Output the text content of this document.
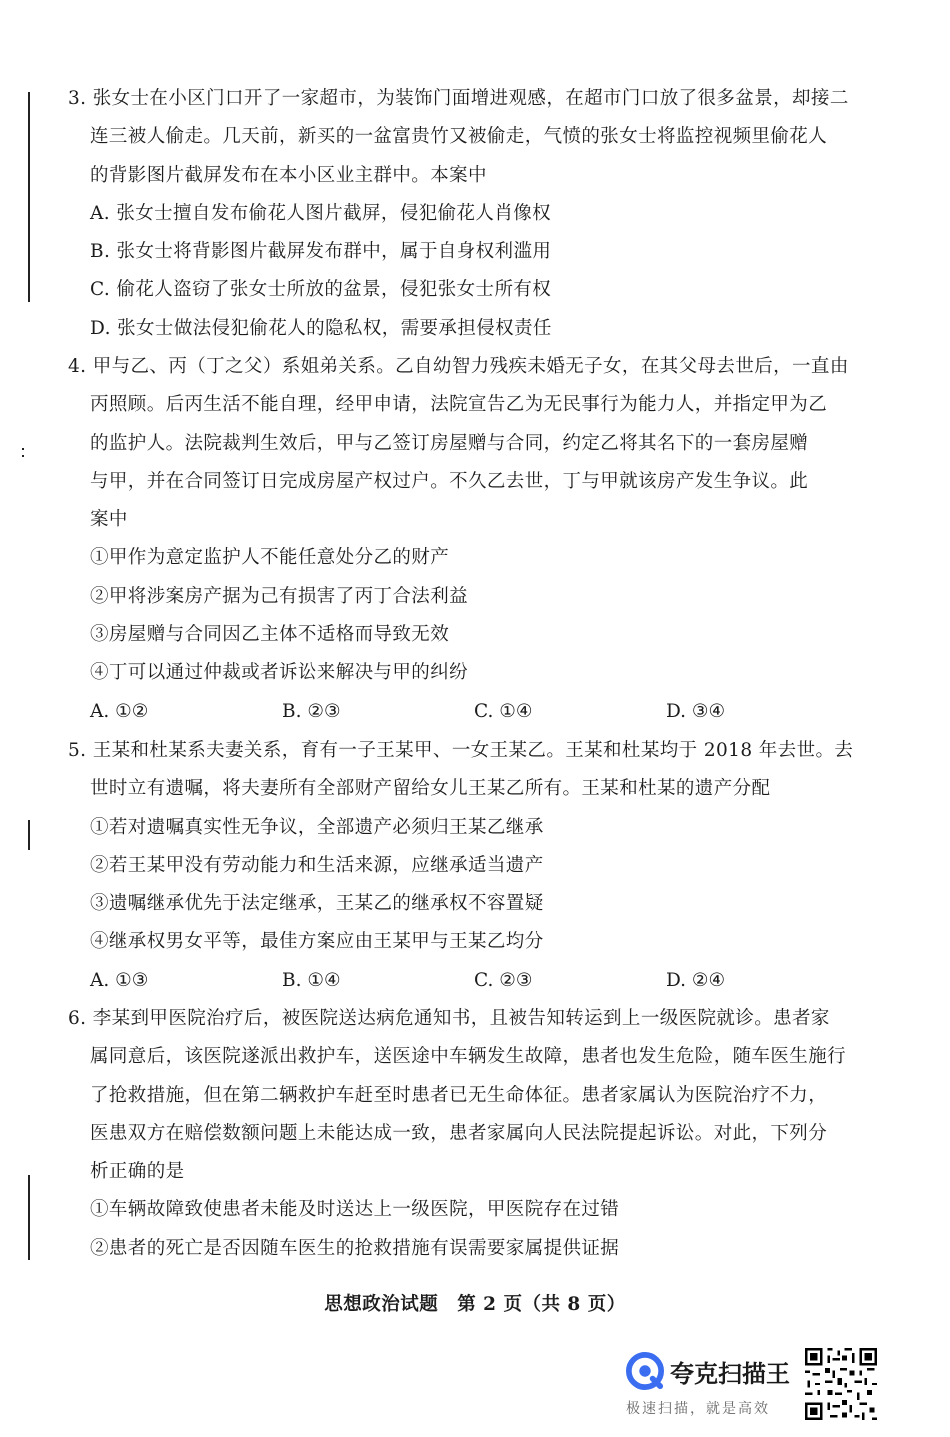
3. 张女士在小区门口开了一家超市，为装饰门面增进观感，在超市门口放了很多盆景，却接二
连三被人偷走。几天前，新买的一盆富贵竹又被偷走，气愤的张女士将监控视频里偷花人
的背影图片截屏发布在本小区业主群中。本案中
A. 张女士擅自发布偷花人图片截屏，侵犯偷花人肖像权
B. 张女士将背影图片截屏发布群中，属于自身权利滥用
C. 偷花人盗窃了张女士所放的盆景，侵犯张女士所有权
D. 张女士做法侵犯偷花人的隐私权，需要承担侵权责任
4. 甲与乙、丙（丁之父）系姐弟关系。乙自幼智力残疾未婚无子女，在其父母去世后，一直由
丙照顾。后丙生活不能自理，经甲申请，法院宣告乙为无民事行为能力人，并指定甲为乙
的监护人。法院裁判生效后，甲与乙签订房屋赠与合同，约定乙将其名下的一套房屋赠
与甲，并在合同签订日完成房屋产权过户。不久乙去世，丁与甲就该房产发生争议。此
案中
①甲作为意定监护人不能任意处分乙的财产
②甲将涉案房产据为己有损害了丙丁合法利益
③房屋赠与合同因乙主体不适格而导致无效
④丁可以通过仲裁或者诉讼来解决与甲的纠纷
A. ①②	B. ②③	C. ①④	D. ③④
5. 王某和杜某系夫妻关系，育有一子王某甲、一女王某乙。王某和杜某均于 2018 年去世。去
世时立有遗嘱，将夫妻所有全部财产留给女儿王某乙所有。王某和杜某的遗产分配
①若对遗嘱真实性无争议，全部遗产必须归王某乙继承
②若王某甲没有劳动能力和生活来源，应继承适当遗产
③遗嘱继承优先于法定继承，王某乙的继承权不容置疑
④继承权男女平等，最佳方案应由王某甲与王某乙均分
A. ①③	B. ①④	C. ②③	D. ②④
6. 李某到甲医院治疗后，被医院送达病危通知书，且被告知转运到上一级医院就诊。患者家
属同意后，该医院遂派出救护车，送医途中车辆发生故障，患者也发生危险，随车医生施行
了抢救措施，但在第二辆救护车赶至时患者已无生命体征。患者家属认为医院治疗不力，
医患双方在赔偿数额问题上未能达成一致，患者家属向人民法院提起诉讼。对此，下列分
析正确的是
①车辆故障致使患者未能及时送达上一级医院，甲医院存在过错
②患者的死亡是否因随车医生的抢救措施有误需要家属提供证据
思想政治试题　第 2 页（共 8 页）
夸克扫描王
极速扫描，就是高效
